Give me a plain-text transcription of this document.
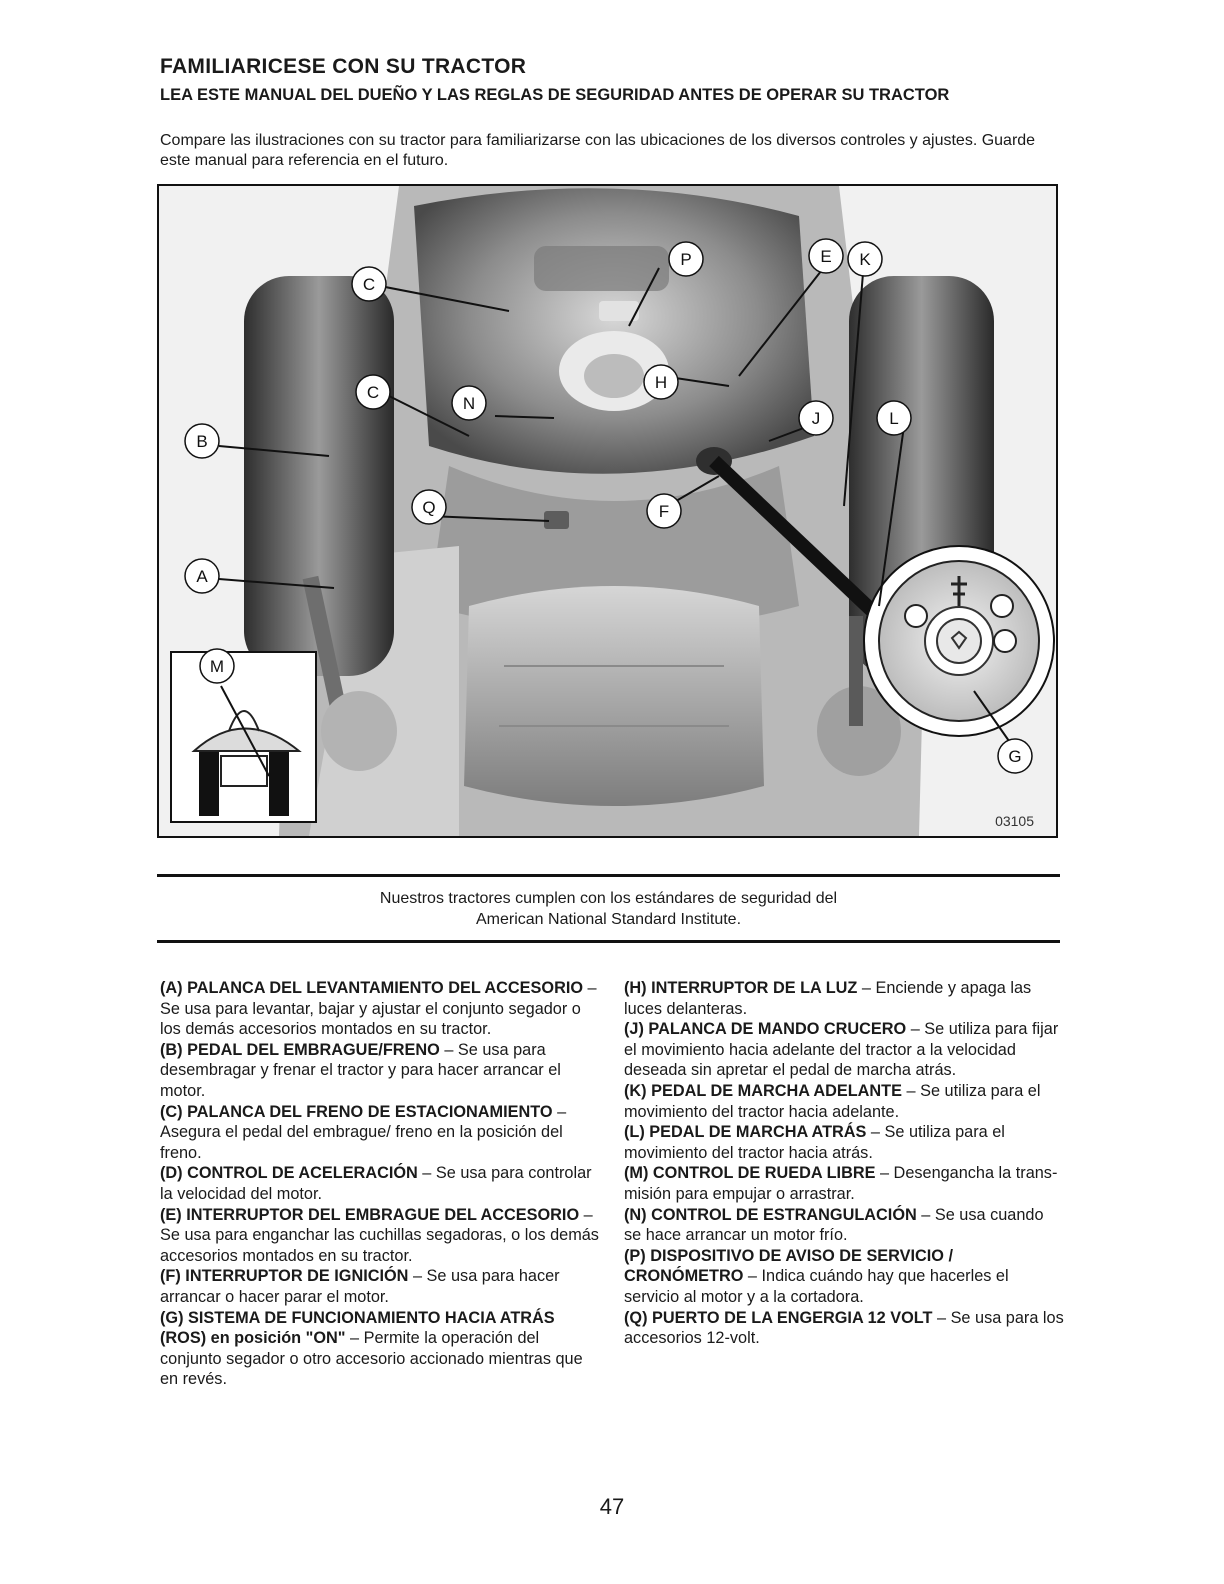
FAMILIARICESE CON SU TRACTOR
LEA ESTE MANUAL DEL DUEÑO Y LAS REGLAS DE SEGURIDAD ANTES DE OPERAR SU TRACTOR
Compare las ilustraciones con su tractor para familiarizarse con las ubicaciones de los diversos controles y ajustes. Guarde este manual para referencia en el futuro.
C
P	E K
H
C
N
J	L
B
Q	F
A
M
G
03105
Nuestros tractores cumplen con los estándares de seguridad del
American National Standard Institute.

(A) PALANCA DEL LEVANTAMIENTO DEL ACCESORIO – Se usa para levantar, bajar y ajustar el conjunto segador o los demás accesorios montados en su tractor.

(B) PEDAL DEL EMBRAGUE/FRENO – Se usa para desembragar y frenar el tractor y para hacer arrancar el motor.

(C) PALANCA DEL FRENO DE ESTACIONAMIENTO – Asegura el pedal del embrague/ freno en la posición del freno.

(D) CONTROL DE ACELERACIÓN – Se usa para controlar la velocidad del motor.

(E) INTERRUPTOR DEL EMBRAGUE DEL ACCESORIO – Se usa para enganchar las cuchillas segadoras, o los demás accesorios montados en su tractor.

(F) INTERRUPTOR DE IGNICIÓN – Se usa para hacer arrancar o hacer parar el motor.

(G) SISTEMA DE FUNCIONAMIENTO HACIA ATRÁS (ROS) en posición "ON" – Permite la operación del conjunto segador o otro accesorio accionado mientras que en revés.

(H) INTERRUPTOR DE LA LUZ – Enciende y apaga las luces delanteras.

(J) PALANCA DE MANDO CRUCERO – Se utiliza para fijar el movimiento hacia adelante del tractor a la velocidad deseada sin apretar el pedal de marcha atrás.

(K) PEDAL DE MARCHA ADELANTE – Se utiliza para el movimiento del tractor hacia adelante.

(L) PEDAL DE MARCHA ATRÁS – Se utiliza para el movimiento del tractor hacia atrás.

(M) CONTROL DE RUEDA LIBRE – Desengancha la trans-misión para empujar o arrastrar.

(N) CONTROL DE ESTRANGULACIÓN – Se usa cuando se hace arrancar un motor frío.

(P) DISPOSITIVO DE AVISO DE SERVICIO / CRONÓMETRO – Indica cuándo hay que hacerles el servicio al motor y a la cortadora.

(Q) PUERTO DE LA ENGERGIA 12 VOLT – Se usa para los accesorios 12-volt.

47
